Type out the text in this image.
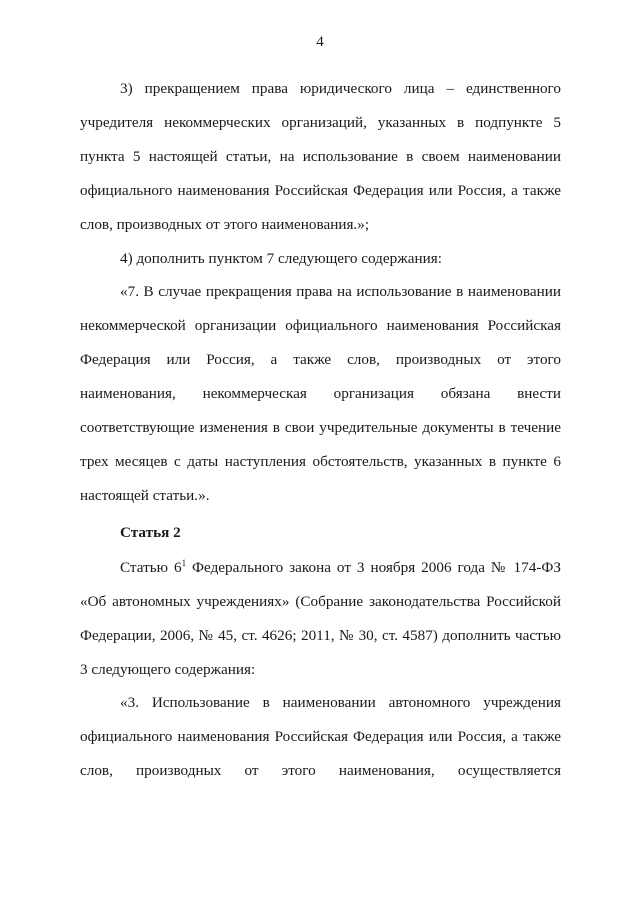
4

3) прекращением права юридического лица – единственного учредителя некоммерческих организаций, указанных в подпункте 5 пункта 5 настоящей статьи, на использование в своем наименовании официального наименования Российская Федерация или Россия, а также слов, производных от этого наименования.»;

4) дополнить пунктом 7 следующего содержания:

«7. В случае прекращения права на использование в наименовании некоммерческой организации официального наименования Российская Федерация или Россия, а также слов, производных от этого наименования, некоммерческая организация обязана внести соответствующие изменения в свои учредительные документы в течение трех месяцев с даты наступления обстоятельств, указанных в пункте 6 настоящей статьи.».

Статья 2

Статью $6^1$ Федерального закона от 3 ноября 2006 года № 174-ФЗ «Об автономных учреждениях» (Собрание законодательства Российской Федерации, 2006, № 45, ст. 4626; 2011, № 30, ст. 4587) дополнить частью 3 следующего содержания:

«3. Использование в наименовании автономного учреждения официального наименования Российская Федерация или Россия, а также слов, производных от этого наименования, осуществляется
